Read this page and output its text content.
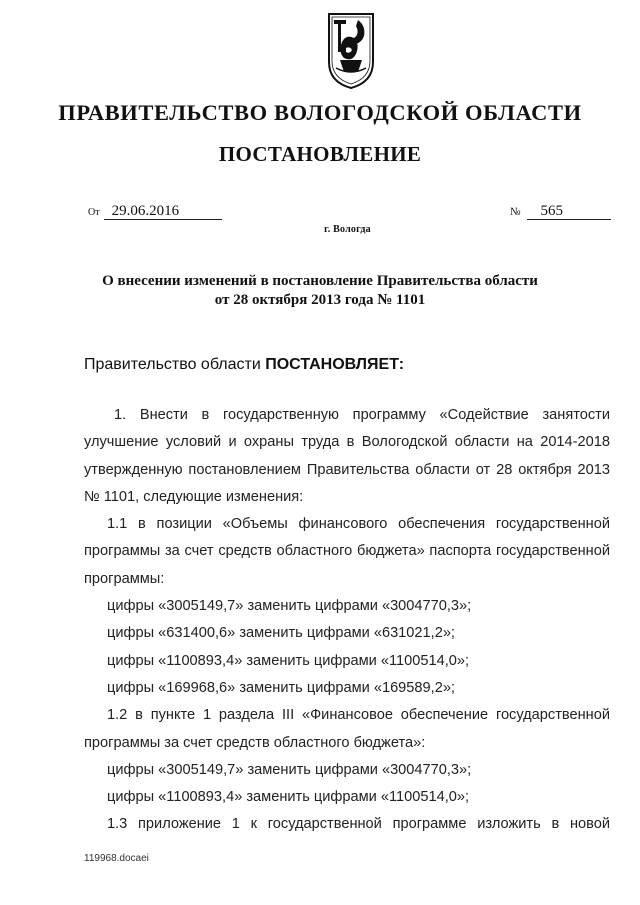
ПРАВИТЕЛЬСТВО ВОЛОГОДСКОЙ ОБЛАСТИ
ПОСТАНОВЛЕНИЕ
От 29.06.2016	№ 565
г. Вологда
О внесении изменений в постановление Правительства области
от 28 октября 2013 года № 1101
Правительство области ПОСТАНОВЛЯЕТ:
1. Внести в государственную программу «Содействие занятости
улучшение условий и охраны труда в Вологодской области на 2014-2018
утвержденную постановлением Правительства области от 28 октября 2013
№ 1101, следующие изменения:
1.1 в позиции «Объемы финансового обеспечения государственной
программы за счет средств областного бюджета» паспорта государственной
программы:
цифры «3005149,7» заменить цифрами «3004770,3»;
цифры «631400,6» заменить цифрами «631021,2»;
цифры «1100893,4» заменить цифрами «1100514,0»;
цифры «169968,6» заменить цифрами «169589,2»;
1.2 в пункте 1 раздела III «Финансовое обеспечение государственной
программы за счет средств областного бюджета»:
цифры «3005149,7» заменить цифрами «3004770,3»;
цифры «1100893,4» заменить цифрами «1100514,0»;
1.3 приложение 1 к государственной программе изложить в новой
119968.docaei
